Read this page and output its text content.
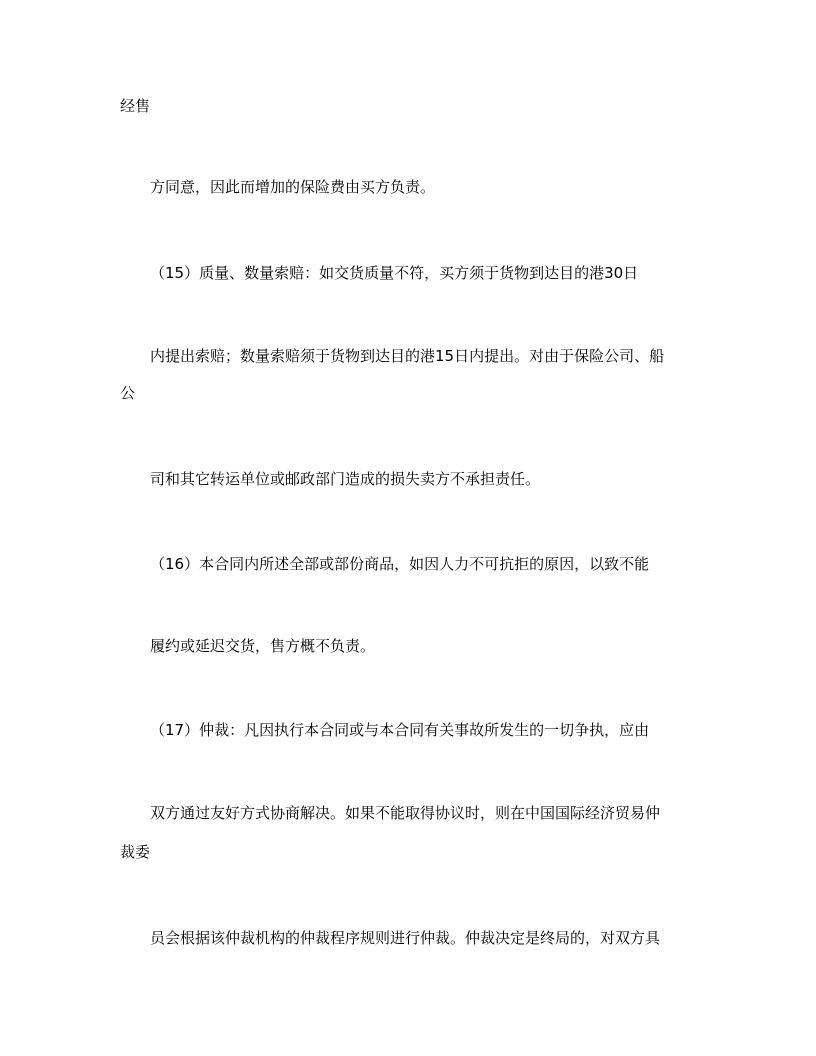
经售

方同意，因此而增加的保险费由买方负责。

（15）质量、数量索赔：如交货质量不符，买方须于货物到达目的港30日

内提出索赔；数量索赔须于货物到达目的港15日内提出。对由于保险公司、船

公

司和其它转运单位或邮政部门造成的损失卖方不承担责任。

（16）本合同内所述全部或部份商品，如因人力不可抗拒的原因，以致不能

履约或延迟交货，售方概不负责。

（17）仲裁：凡因执行本合同或与本合同有关事故所发生的一切争执，应由

双方通过友好方式协商解决。如果不能取得协议时，则在中国国际经济贸易仲

裁委

员会根据该仲裁机构的仲裁程序规则进行仲裁。仲裁决定是终局的，对双方具
